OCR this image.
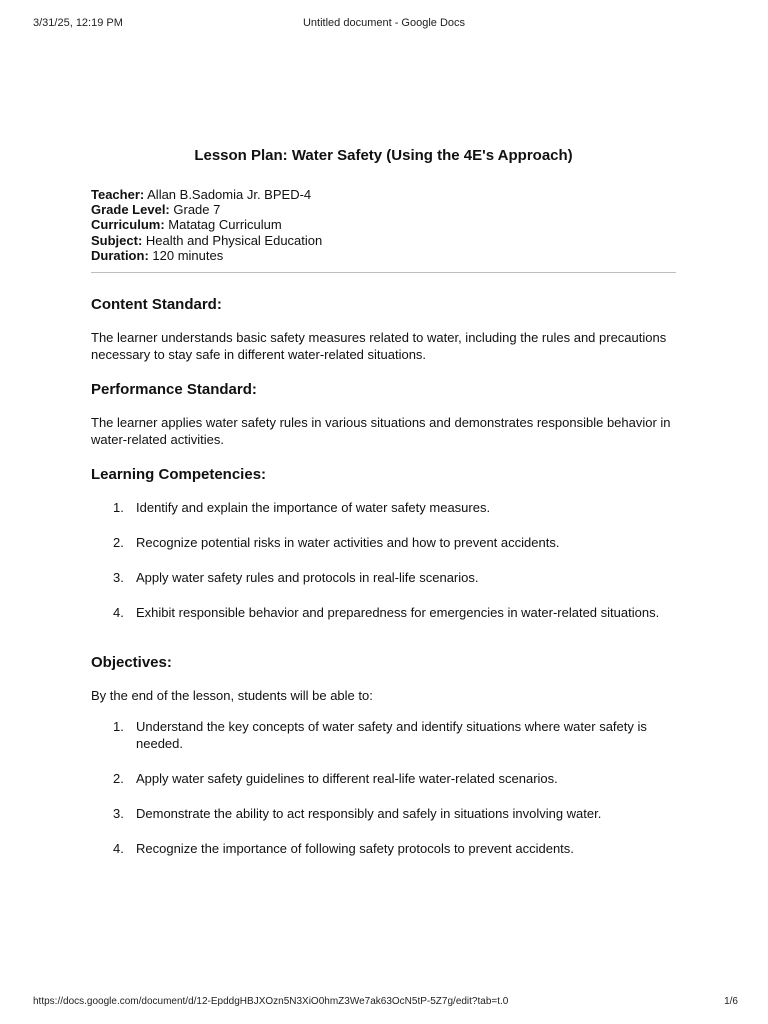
3/31/25, 12:19 PM	Untitled document - Google Docs
Lesson Plan: Water Safety (Using the 4E's Approach)
Teacher: Allan B.Sadomia Jr. BPED-4
Grade Level: Grade 7
Curriculum: Matatag Curriculum
Subject: Health and Physical Education
Duration: 120 minutes
Content Standard:

The learner understands basic safety measures related to water, including the rules and precautions necessary to stay safe in different water-related situations.

Performance Standard:

The learner applies water safety rules in various situations and demonstrates responsible behavior in water-related activities.

Learning Competencies:
1. Identify and explain the importance of water safety measures.
2. Recognize potential risks in water activities and how to prevent accidents.
3. Apply water safety rules and protocols in real-life scenarios.
4. Exhibit responsible behavior and preparedness for emergencies in water-related situations.
Objectives:

By the end of the lesson, students will be able to:

1. Understand the key concepts of water safety and identify situations where water safety is needed.
2. Apply water safety guidelines to different real-life water-related scenarios.
3. Demonstrate the ability to act responsibly and safely in situations involving water.
4. Recognize the importance of following safety protocols to prevent accidents.
https://docs.google.com/document/d/12-EpddgHBJXOzn5N3XiO0hmZ3We7ak63OcN5tP-5Z7g/edit?tab=t.0	1/6
